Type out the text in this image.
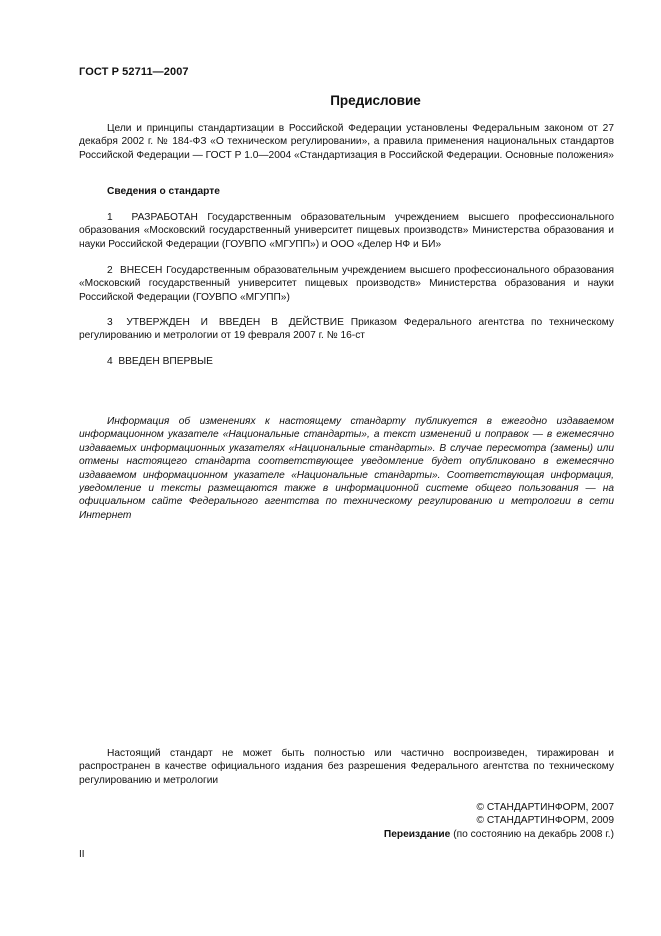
ГОСТ Р 52711—2007
Предисловие
Цели и принципы стандартизации в Российской Федерации установлены Федеральным законом от 27 декабря 2002 г. № 184-ФЗ «О техническом регулировании», а правила применения национальных стандартов Российской Федерации — ГОСТ Р 1.0—2004 «Стандартизация в Российской Федерации. Основные положения»
Сведения о стандарте
1 РАЗРАБОТАН Государственным образовательным учреждением высшего профессионального образования «Московский государственный университет пищевых производств» Министерства образования и науки Российской Федерации (ГОУВПО «МГУПП») и ООО «Делер НФ и БИ»
2 ВНЕСЕН Государственным образовательным учреждением высшего профессионального образования «Московский государственный университет пищевых производств» Министерства образования и науки Российской Федерации (ГОУВПО «МГУПП»)
3 УТВЕРЖДЕН И ВВЕДЕН В ДЕЙСТВИЕ Приказом Федерального агентства по техническому регулированию и метрологии от 19 февраля 2007 г. № 16-ст
4 ВВЕДЕН ВПЕРВЫЕ
Информация об изменениях к настоящему стандарту публикуется в ежегодно издаваемом информационном указателе «Национальные стандарты», а текст изменений и поправок — в ежемесячно издаваемых информационных указателях «Национальные стандарты». В случае пересмотра (замены) или отмены настоящего стандарта соответствующее уведомление будет опубликовано в ежемесячно издаваемом информационном указателе «Национальные стандарты». Соответствующая информация, уведомление и тексты размещаются также в информационной системе общего пользования — на официальном сайте Федерального агентства по техническому регулированию и метрологии в сети Интернет
Настоящий стандарт не может быть полностью или частично воспроизведен, тиражирован и распространен в качестве официального издания без разрешения Федерального агентства по техническому регулированию и метрологии
© СТАНДАРТИНФОРМ, 2007
© СТАНДАРТИНФОРМ, 2009
Переиздание (по состоянию на декабрь 2008 г.)
II
